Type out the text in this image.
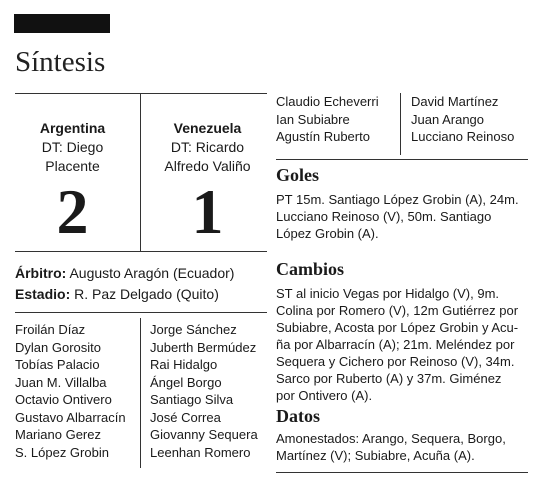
Síntesis
Argentina
DT: Diego
Placente
2
Venezuela
DT: Ricardo
Alfredo Valiño
1
Árbitro: Augusto Aragón (Ecuador)
Estadio: R. Paz Delgado (Quito)
Froilán Díaz
Dylan Gorosito
Tobías Palacio
Juan M. Villalba
Octavio Ontivero
Gustavo Albarracín
Mariano Gerez
S. López Grobin
Jorge Sánchez
Juberth Bermúdez
Rai Hidalgo
Ángel Borgo
Santiago Silva
José Correa
Giovanny Sequera
Leenhan Romero
Claudio Echeverri
Ian Subiabre
Agustín Ruberto
David Martínez
Juan Arango
Lucciano Reinoso
Goles
PT 15m. Santiago López Grobin (A), 24m.
Lucciano Reinoso (V), 50m. Santiago
López Grobin (A).
Cambios
ST al inicio Vegas por Hidalgo (V), 9m.
Colina por Romero (V), 12m Gutiérrez por
Subiabre, Acosta por López Grobin y Acu-
ña por Albarracín (A); 21m. Meléndez por
Sequera y Cichero por Reinoso (V), 34m.
Sarco por Ruberto (A) y 37m. Giménez
por Ontivero (A).
Datos
Amonestados: Arango, Sequera, Borgo,
Martínez (V); Subiabre, Acuña (A).
